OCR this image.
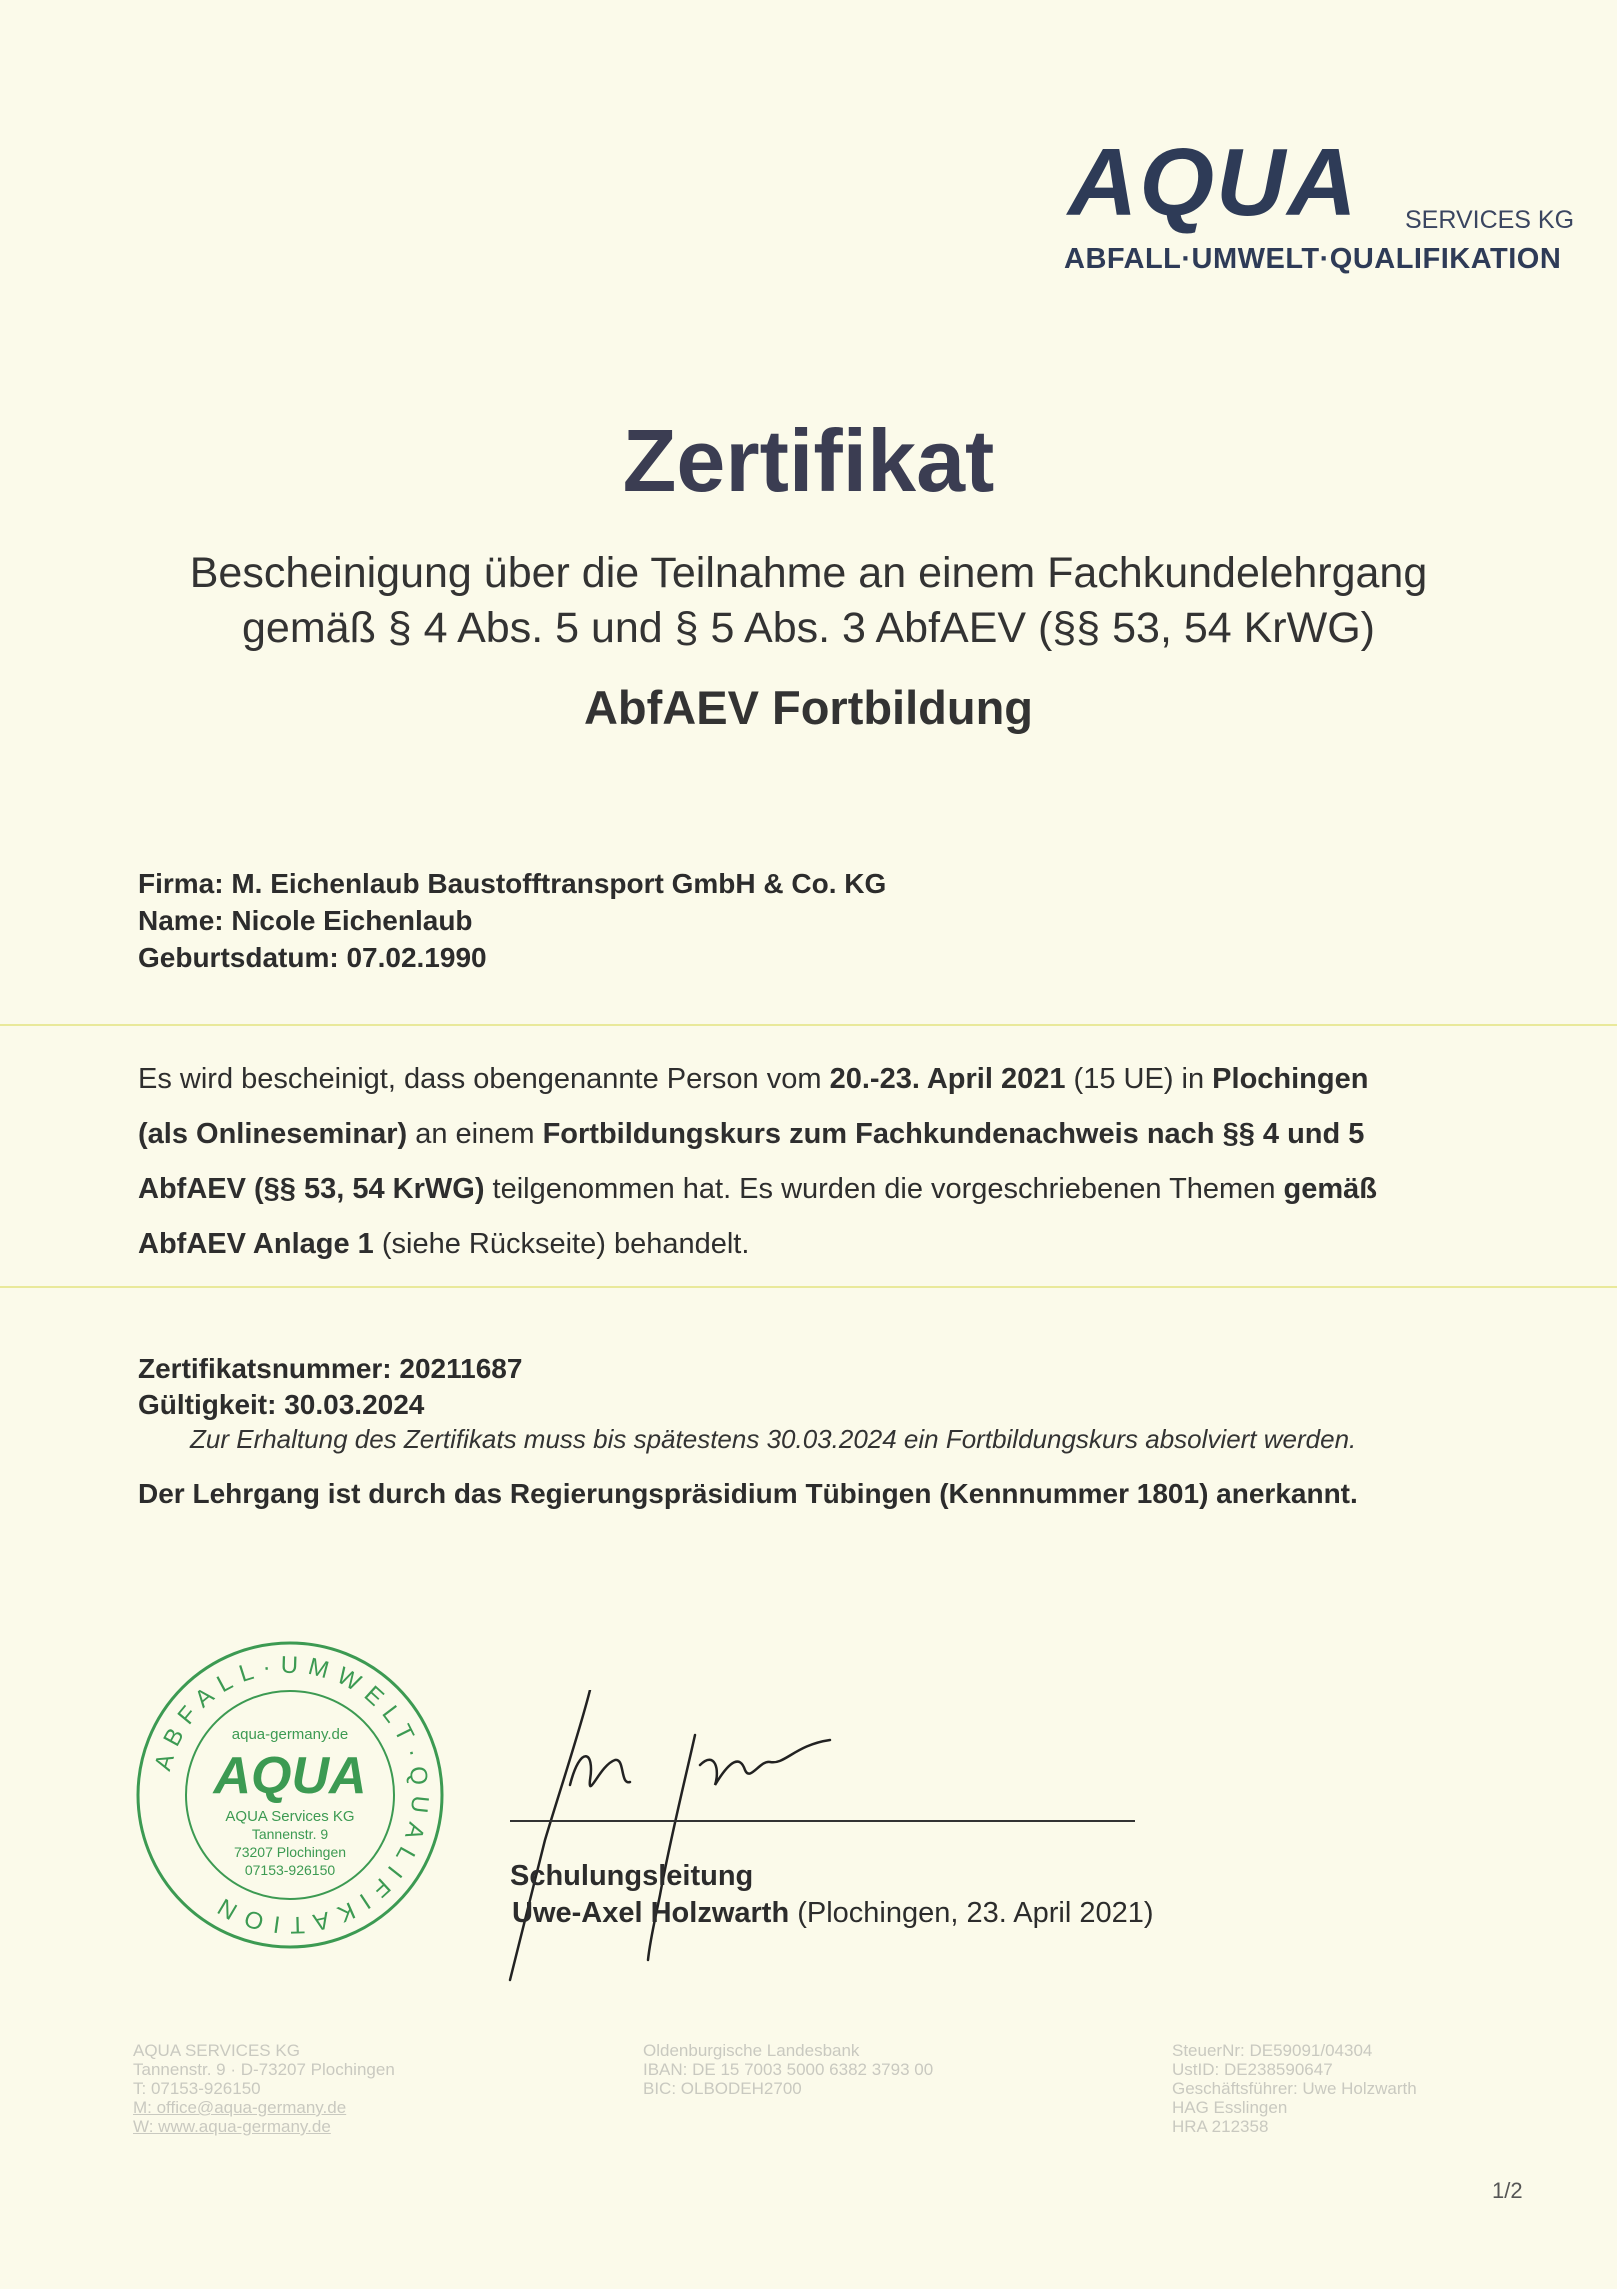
AQUA SERVICES KG
ABFALL·UMWELT·QUALIFIKATION
Zertifikat
Bescheinigung über die Teilnahme an einem Fachkundelehrgang
gemäß § 4 Abs. 5 und § 5 Abs. 3 AbfAEV (§§ 53, 54 KrWG)
AbfAEV Fortbildung
Firma: M. Eichenlaub Baustofftransport GmbH & Co. KG
Name: Nicole Eichenlaub
Geburtsdatum: 07.02.1990
Es wird bescheinigt, dass obengenannte Person vom 20.-23. April 2021 (15 UE) in Plochingen
(als Onlineseminar) an einem Fortbildungskurs zum Fachkundenachweis nach §§ 4 und 5
AbfAEV (§§ 53, 54 KrWG) teilgenommen hat. Es wurden die vorgeschriebenen Themen gemäß
AbfAEV Anlage 1 (siehe Rückseite) behandelt.
Zertifikatsnummer: 20211687
Gültigkeit: 30.03.2024
Zur Erhaltung des Zertifikats muss bis spätestens 30.03.2024 ein Fortbildungskurs absolviert werden.
Der Lehrgang ist durch das Regierungspräsidium Tübingen (Kennnummer 1801) anerkannt.
ABFALL·UMWELT·QUALIFIKATION
aqua-germany.de
AQUA
AQUA Services KG
Tannenstr. 9
73207 Plochingen
07153-926150	Schulungsleitung
Uwe-Axel Holzwarth (Plochingen, 23. April 2021)
AQUA SERVICES KG
Tannenstr. 9 · D-73207 Plochingen
T: 07153-926150
M: office@aqua-germany.de
W: www.aqua-germany.de
Oldenburgische Landesbank
IBAN: DE 15 7003 5000 6382 3793 00
BIC: OLBODEH2700
SteuerNr: DE59091/04304
UstID: DE238590647
Geschäftsführer: Uwe Holzwarth
HAG Esslingen
HRA 212358
1/2
